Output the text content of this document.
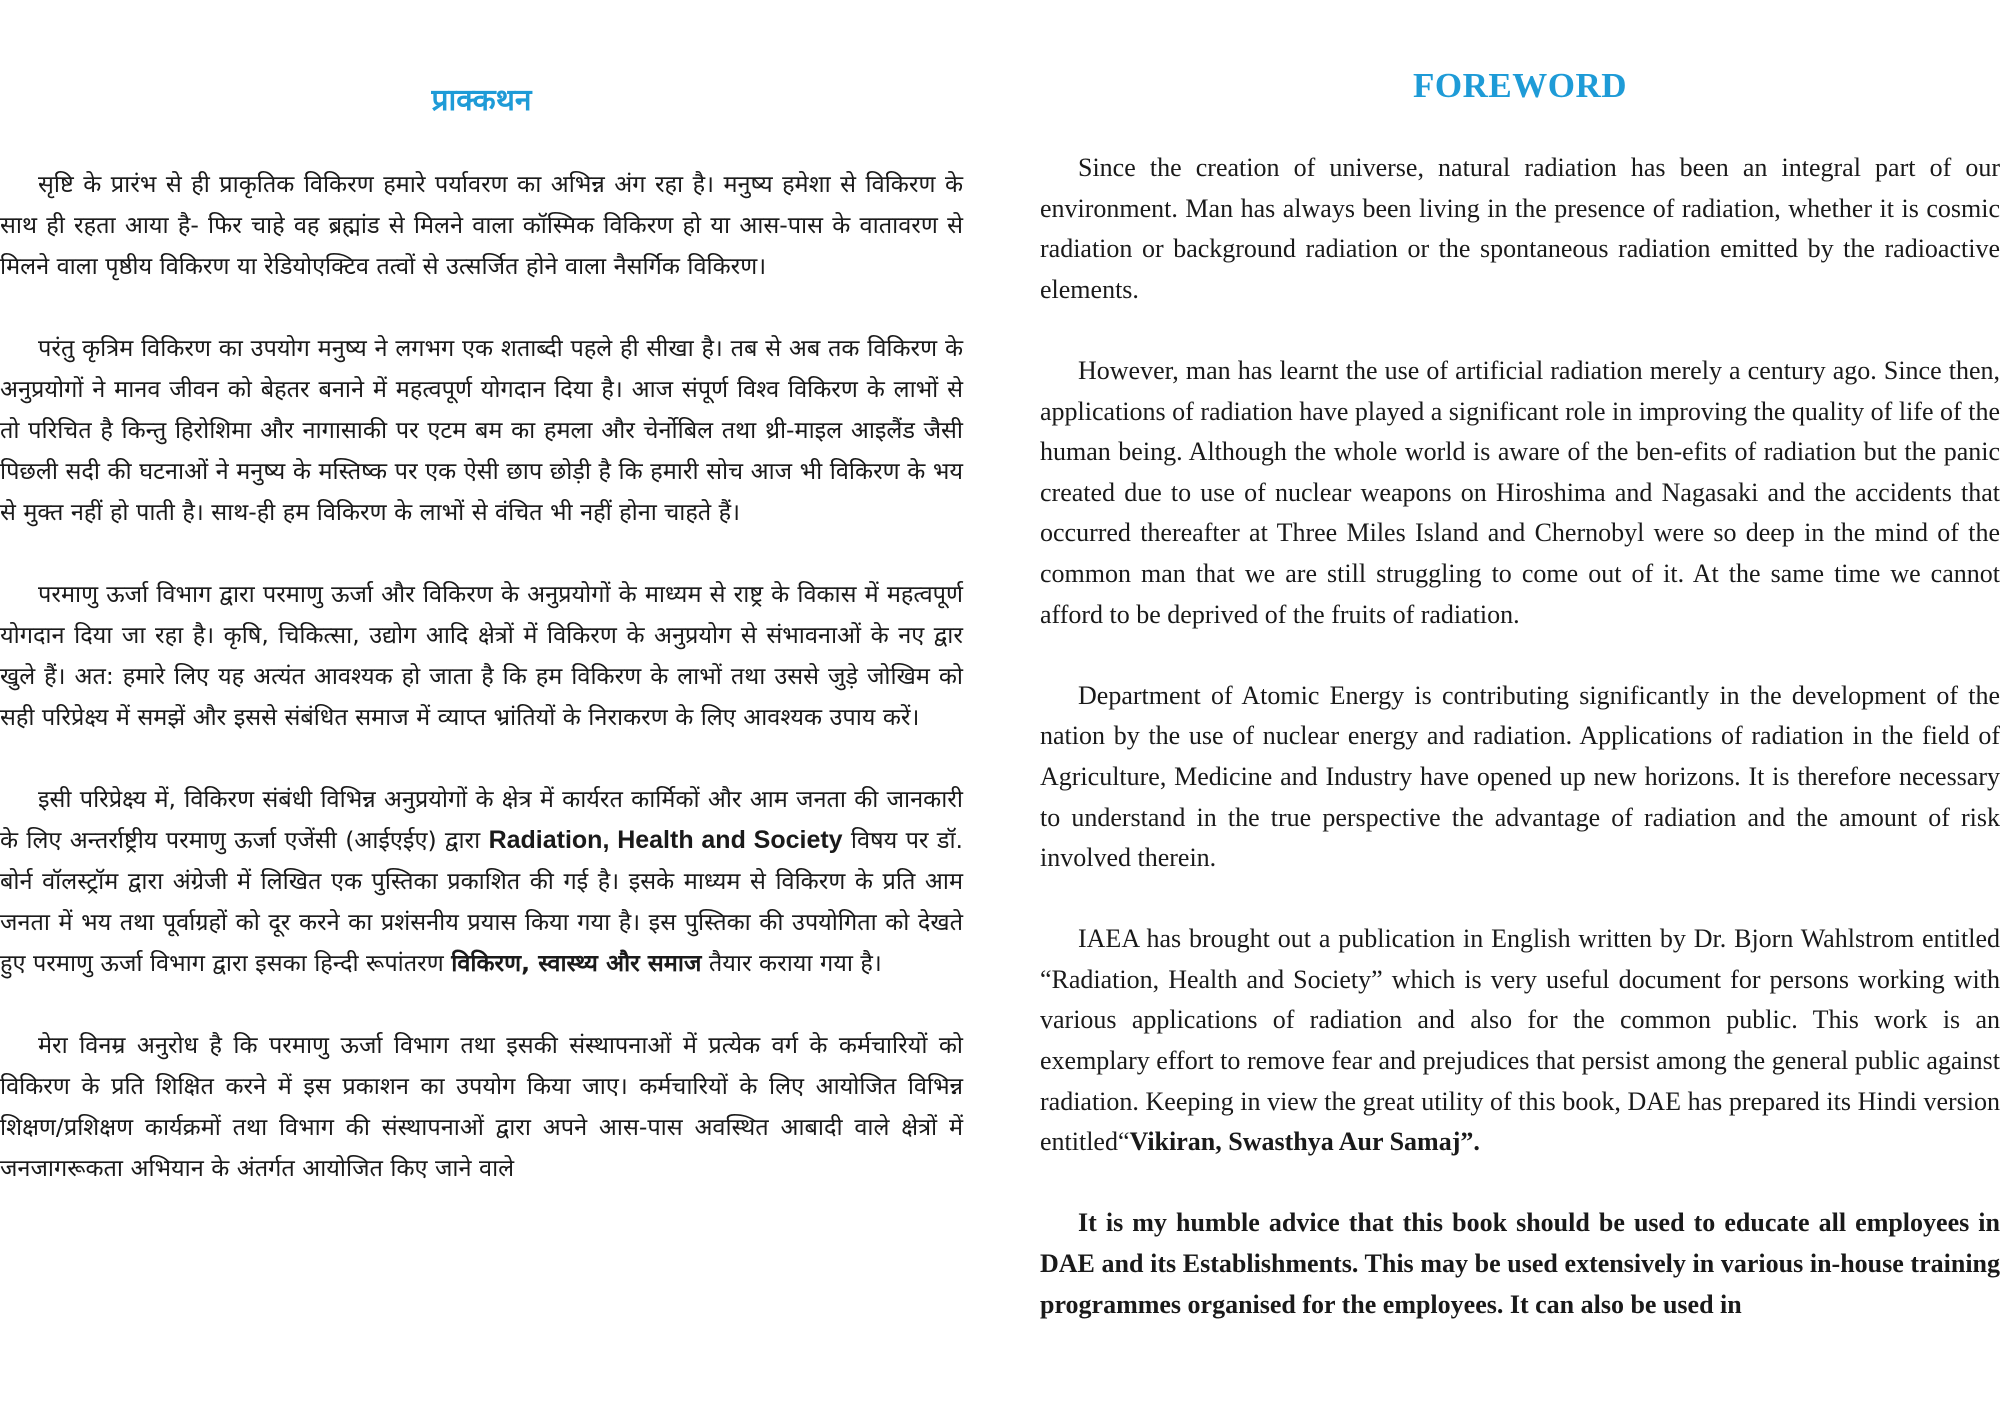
प्राक्कथन

सृष्टि के प्रारंभ से ही प्राकृतिक विकिरण हमारे पर्यावरण का अभिन्न अंग रहा है। मनुष्य हमेशा से विकिरण के साथ ही रहता आया है- फिर चाहे वह ब्रह्मांड से मिलने वाला कॉस्मिक विकिरण हो या आस-पास के वातावरण से मिलने वाला पृष्ठीय विकिरण या रेडियोएक्टिव तत्वों से उत्सर्जित होने वाला नैसर्गिक विकिरण।

परंतु कृत्रिम विकिरण का उपयोग मनुष्य ने लगभग एक शताब्दी पहले ही सीखा है। तब से अब तक विकिरण के अनुप्रयोगों ने मानव जीवन को बेहतर बनाने में महत्वपूर्ण योगदान दिया है। आज संपूर्ण विश्व विकिरण के लाभों से तो परिचित है किन्तु हिरोशिमा और नागासाकी पर एटम बम का हमला और चेर्नोबिल तथा थ्री-माइल आइलैंड जैसी पिछली सदी की घटनाओं ने मनुष्य के मस्तिष्क पर एक ऐसी छाप छोड़ी है कि हमारी सोच आज भी विकिरण के भय से मुक्त नहीं हो पाती है। साथ-ही हम विकिरण के लाभों से वंचित भी नहीं होना चाहते हैं।

परमाणु ऊर्जा विभाग द्वारा परमाणु ऊर्जा और विकिरण के अनुप्रयोगों के माध्यम से राष्ट्र के विकास में महत्वपूर्ण योगदान दिया जा रहा है। कृषि, चिकित्सा, उद्योग आदि क्षेत्रों में विकिरण के अनुप्रयोग से संभावनाओं के नए द्वार खुले हैं। अत: हमारे लिए यह अत्यंत आवश्यक हो जाता है कि हम विकिरण के लाभों तथा उससे जुड़े जोखिम को सही परिप्रेक्ष्य में समझें और इससे संबंधित समाज में व्याप्त भ्रांतियों के निराकरण के लिए आवश्यक उपाय करें।

इसी परिप्रेक्ष्य में, विकिरण संबंधी विभिन्न अनुप्रयोगों के क्षेत्र में कार्यरत कार्मिकों और आम जनता की जानकारी के लिए अन्तर्राष्ट्रीय परमाणु ऊर्जा एजेंसी (आईएईए) द्वारा Radiation, Health and Society विषय पर डॉ. बोर्न वॉलस्ट्रॉम द्वारा अंग्रेजी में लिखित एक पुस्तिका प्रकाशित की गई है। इसके माध्यम से विकिरण के प्रति आम जनता में भय तथा पूर्वाग्रहों को दूर करने का प्रशंसनीय प्रयास किया गया है। इस पुस्तिका की उपयोगिता को देखते हुए परमाणु ऊर्जा विभाग द्वारा इसका हिन्दी रूपांतरण विकिरण, स्वास्थ्य और समाज तैयार कराया गया है।

मेरा विनम्र अनुरोध है कि परमाणु ऊर्जा विभाग तथा इसकी संस्थापनाओं में प्रत्येक वर्ग के कर्मचारियों को विकिरण के प्रति शिक्षित करने में इस प्रकाशन का उपयोग किया जाए। कर्मचारियों के लिए आयोजित विभिन्न शिक्षण/प्रशिक्षण कार्यक्रमों तथा विभाग की संस्थापनाओं द्वारा अपने आस-पास अवस्थित आबादी वाले क्षेत्रों में जनजागरूकता अभियान के अंतर्गत आयोजित किए जाने वाले

FOREWORD

Since the creation of universe, natural radiation has been an integral part of our environment. Man has always been living in the presence of radiation, whether it is cosmic radiation or background radiation or the spontaneous radiation emitted by the radioactive elements.

However, man has learnt the use of artificial radiation merely a century ago. Since then, applications of radiation have played a significant role in improving the quality of life of the human being. Although the whole world is aware of the ben-efits of radiation but the panic created due to use of nuclear weapons on Hiroshima and Nagasaki and the accidents that occurred thereafter at Three Miles Island and Chernobyl were so deep in the mind of the common man that we are still struggling to come out of it. At the same time we cannot afford to be deprived of the fruits of radiation.

Department of Atomic Energy is contributing significantly in the development of the nation by the use of nuclear energy and radiation. Applications of radiation in the field of Agriculture, Medicine and Industry have opened up new horizons. It is therefore necessary to understand in the true perspective the advantage of radiation and the amount of risk involved therein.

IAEA has brought out a publication in English written by Dr. Bjorn Wahlstrom entitled “Radiation, Health and Society” which is very useful document for persons working with various applications of radiation and also for the common public. This work is an exemplary effort to remove fear and prejudices that persist among the general public against radiation. Keeping in view the great utility of this book, DAE has prepared its Hindi version entitled“Vikiran, Swasthya Aur Samaj”.

It is my humble advice that this book should be used to educate all employees in DAE and its Establishments. This may be used extensively in various in-house training programmes organised for the employees. It can also be used in
